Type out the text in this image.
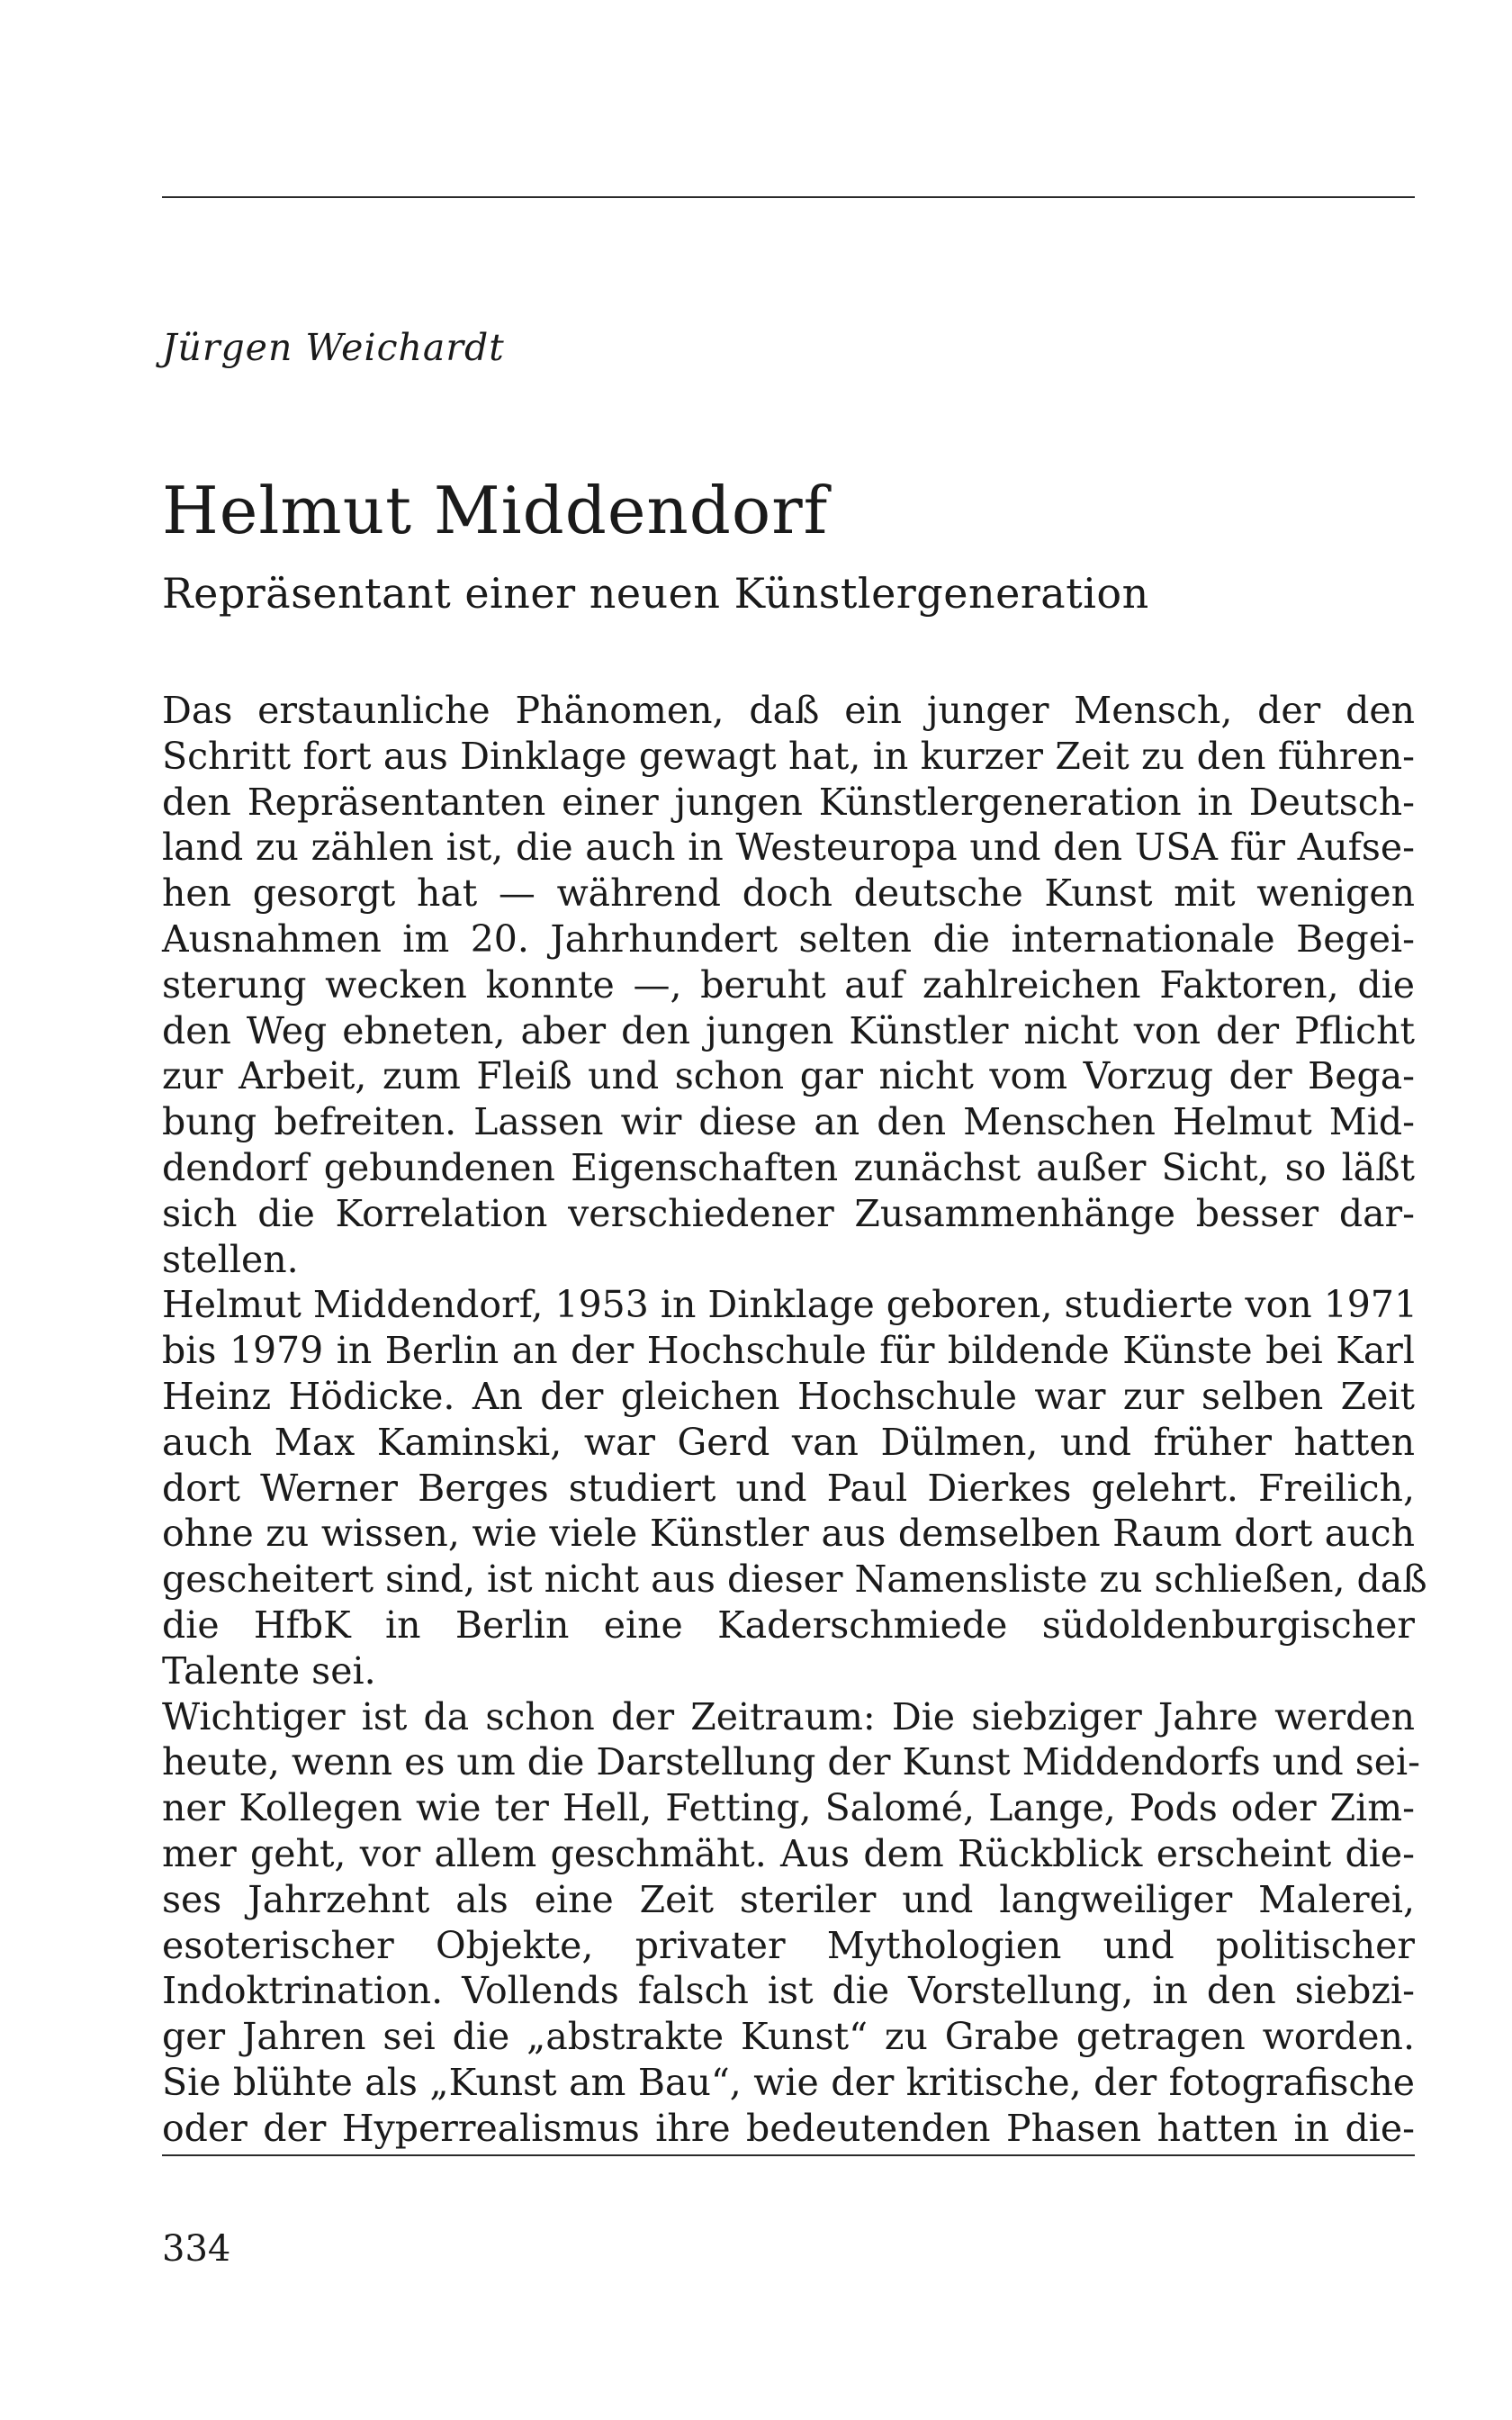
Jürgen Weichardt
Helmut Middendorf
Repräsentant einer neuen Künstlergeneration
Das erstaunliche Phänomen, daß ein junger Mensch, der den
Schritt fort aus Dinklage gewagt hat, in kurzer Zeit zu den führen-
den Repräsentanten einer jungen Künstlergeneration in Deutsch-
land zu zählen ist, die auch in Westeuropa und den USA für Aufse-
hen gesorgt hat — während doch deutsche Kunst mit wenigen
Ausnahmen im 20. Jahrhundert selten die internationale Begei-
sterung wecken konnte —, beruht auf zahlreichen Faktoren, die
den Weg ebneten, aber den jungen Künstler nicht von der Pflicht
zur Arbeit, zum Fleiß und schon gar nicht vom Vorzug der Bega-
bung befreiten. Lassen wir diese an den Menschen Helmut Mid-
dendorf gebundenen Eigenschaften zunächst außer Sicht, so läßt
sich die Korrelation verschiedener Zusammenhänge besser dar-
stellen.
Helmut Middendorf, 1953 in Dinklage geboren, studierte von 1971
bis 1979 in Berlin an der Hochschule für bildende Künste bei Karl
Heinz Hödicke. An der gleichen Hochschule war zur selben Zeit
auch Max Kaminski, war Gerd van Dülmen, und früher hatten
dort Werner Berges studiert und Paul Dierkes gelehrt. Freilich,
ohne zu wissen, wie viele Künstler aus demselben Raum dort auch
gescheitert sind, ist nicht aus dieser Namensliste zu schließen, daß
die HfbK in Berlin eine Kaderschmiede südoldenburgischer
Talente sei.
Wichtiger ist da schon der Zeitraum: Die siebziger Jahre werden
heute, wenn es um die Darstellung der Kunst Middendorfs und sei-
ner Kollegen wie ter Hell, Fetting, Salomé, Lange, Pods oder Zim-
mer geht, vor allem geschmäht. Aus dem Rückblick erscheint die-
ses Jahrzehnt als eine Zeit steriler und langweiliger Malerei,
esoterischer Objekte, privater Mythologien und politischer
Indoktrination. Vollends falsch ist die Vorstellung, in den siebzi-
ger Jahren sei die „abstrakte Kunst“ zu Grabe getragen worden.
Sie blühte als „Kunst am Bau“, wie der kritische, der fotografische
oder der Hyperrealismus ihre bedeutenden Phasen hatten in die-
334
